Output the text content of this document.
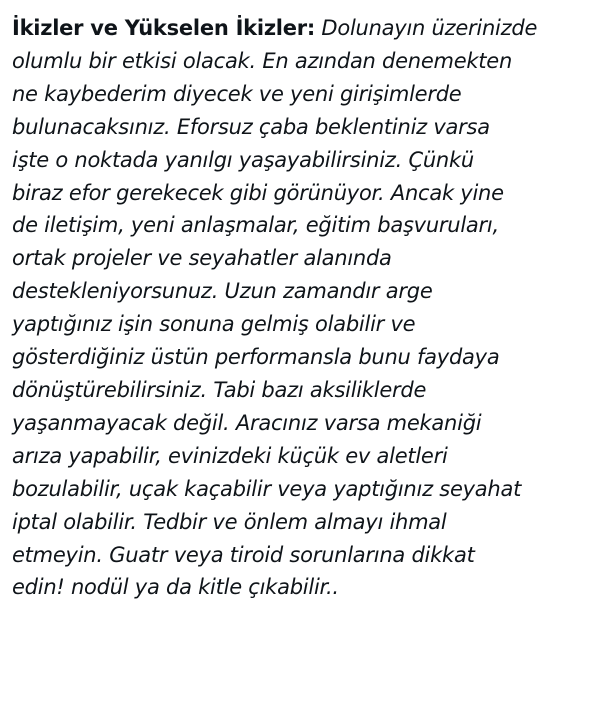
İkizler ve Yükselen İkizler: Dolunayın üzerinizde
olumlu bir etkisi olacak. En azından denemekten
ne kaybederim diyecek ve yeni girişimlerde
bulunacaksınız. Eforsuz çaba beklentiniz varsa
işte o noktada yanılgı yaşayabilirsiniz. Çünkü
biraz efor gerekecek gibi görünüyor. Ancak yine
de iletişim, yeni anlaşmalar, eğitim başvuruları,
ortak projeler ve seyahatler alanında
destekleniyorsunuz. Uzun zamandır arge
yaptığınız işin sonuna gelmiş olabilir ve
gösterdiğiniz üstün performansla bunu faydaya
dönüştürebilirsiniz. Tabi bazı aksiliklerde
yaşanmayacak değil. Aracınız varsa mekaniği
arıza yapabilir, evinizdeki küçük ev aletleri
bozulabilir, uçak kaçabilir veya yaptığınız seyahat
iptal olabilir. Tedbir ve önlem almayı ihmal
etmeyin. Guatr veya tiroid sorunlarına dikkat
edin! nodül ya da kitle çıkabilir..
